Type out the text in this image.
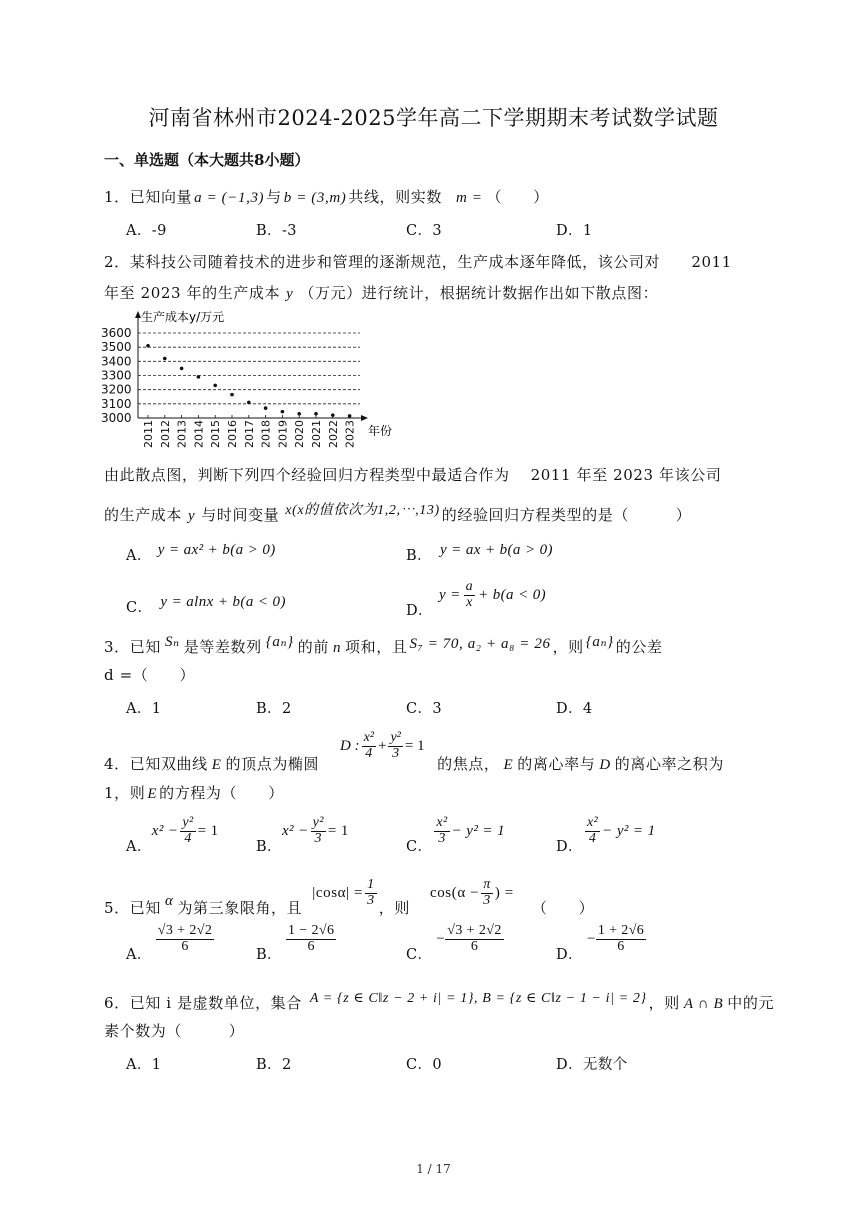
河南省林州市2024-2025学年高二下学期期末考试数学试题
一、单选题（本大题共8小题）
1．已知向量 a = (−1,3) 与 b = (3,m) 共线，则实数 m = （　　）
A．-9	B．-3	C．3	D．1
2．某科技公司随着技术的进步和管理的逐渐规范，生产成本逐年降低，该公司对　　2011
年至 2023 年的生产成本 y （万元）进行统计，根据统计数据作出如下散点图：
3000
3100
3200
3300
3400
3500
3600
2011 2012 2013 2014 2015 2016 2017 2018 2019 2020 2021 2022 2023
生产成本y/万元
年份
由此散点图，判断下列四个经验回归方程类型中最适合作为　 2011 年至 2023 年该公司
的生产成本 y 与时间变量 x(x的值依次为1,2,⋯,13) 的经验回归方程类型的是（　　　）
A． y = ax² + b(a > 0)	B． y = ax + b(a > 0)
C． y = alnx + b(a < 0)
D．$y = \frac{a}{x} + b(a < 0)$
3．已知 Sₙ 是等差数列 {aₙ} 的前 n 项和，且 S₇ = 70, a₂ + a₈ = 26 ，则 {aₙ} 的公差
d =（　　）
A．1	B．2	C．3	D．4
D : $\frac{\text{x²}}{4} + \frac{\text{y²}}{3} = 1$
4．已知双曲线 E 的顶点为椭圆	的焦点， E 的离心率与 D 的离心率之积为
1，则 E 的方程为（　　）
A．$x^2 - \frac{\text{y²}}{4} = 1$
B．$x^2 - \frac{\text{y²}}{3} = 1$
C．
$\frac{\text{x²}}{3} - y^2 = 1$
D．
$\frac{\text{x²}}{4} - y^2 = 1$
5．已知 α 为第三象限角，且$|\cos\alpha| = \frac{1}{3}$ ，则$\cos(\alpha - \frac{\pi}{3}$ ) =（　　）
A．
$\frac{√3 + 2√2}{6}$
B．
$\frac{1 - 2√6}{6}$
C．− $\frac{√3 + 2√2}{6}$
D．− $\frac{1 + 2√6}{6}$
6．已知 i 是虚数单位，集合 A = {z ∈ C‖z − 2 + i| = 1}, B = {z ∈ C‖z − 1 − i| = 2} ，则 A ∩ B 中的元
素个数为（　　　）
A．1	B．2	C．0	D．无数个
1 / 17
